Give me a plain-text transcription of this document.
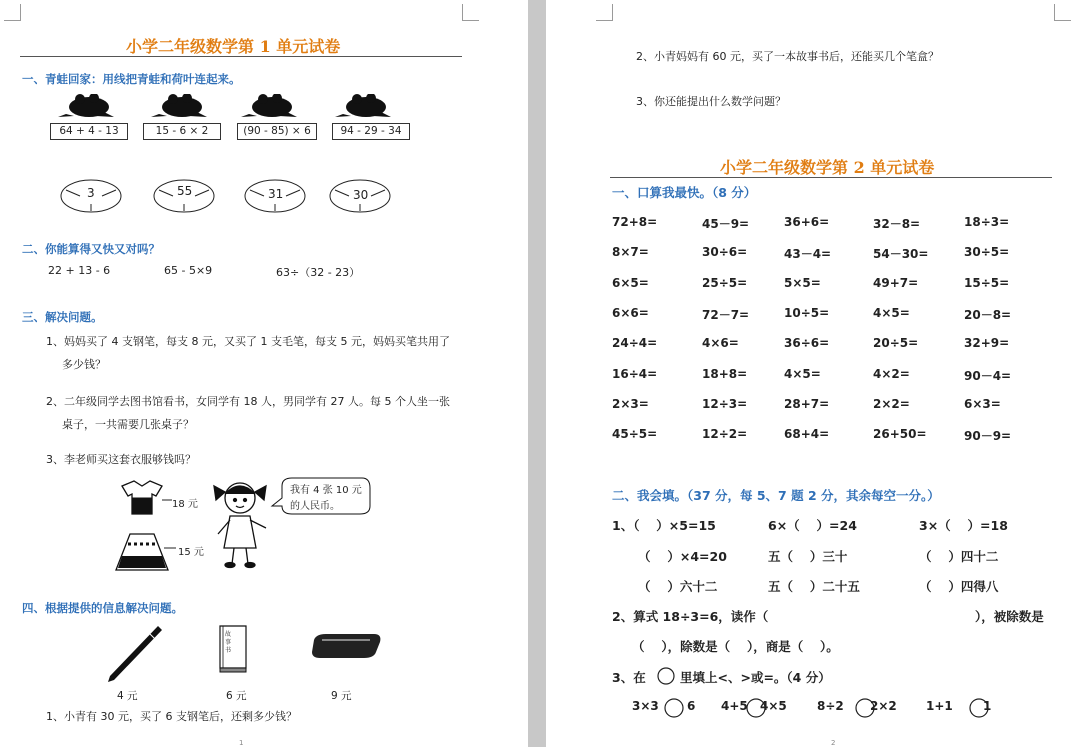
小学二年级数学第 1 单元试卷
一、青蛙回家：用线把青蛙和荷叶连起来。
64 + 4 - 13	15 - 6 × 2	(90 - 85) × 6	94 - 29 - 34
3	55	31	30
二、你能算得又快又对吗？
22 + 13 - 6	65 - 5×9	63÷（32 - 23）
三、解决问题。
1、妈妈买了 4 支钢笔，每支 8 元，又买了 1 支毛笔，每支 5 元，妈妈买笔共用了
多少钱？
2、二年级同学去图书馆看书，女同学有 18 人，男同学有 27 人。每 5 个人坐一张
桌子，一共需要几张桌子？
3、李老师买这套衣服够钱吗？
18 元
15 元
我有 4 张 10 元
的人民币。
四、根据提供的信息解决问题。
故事书
4 元	6 元	9 元
1、小青有 30 元，买了 6 支钢笔后，还剩多少钱？
1
2、小青妈妈有 60 元，买了一本故事书后，还能买几个笔盒？
3、你还能提出什么数学问题？
小学二年级数学第 2 单元试卷
一、口算我最快。（8 分）
72+8=	45－9=	36+6=	32－8=	18÷3=
8×7=	30÷6=	43－4=	54－30=	30÷5=
6×5=	25÷5=	5×5=	49+7=	15÷5=
6×6=	72－7=	10÷5=	4×5=	20－8=
24÷4=	4×6=	36÷6=	20÷5=	32+9=
16÷4=	18+8=	4×5=	4×2=	90－4=
2×3=	12÷3=	28+7=	2×2=	6×3=
45÷5=	12÷2=	68+4=	26+50=	90－9=
二、我会填。（37 分，每 5、7 题 2 分，其余每空一分。）
1、（　 ）×5=15	6×（　 ）=24	3×（　 ）=18
（　 ）×4=20	五（　 ）三十	（　 ）四十二
（　 ）六十二	五（　 ）二十五	（　 ）四得八
2、算式 18÷3=6，读作（	），被除数是
（　 ），除数是（　 ），商是（　 ）。
3、在	里填上<、>或=。（4 分）
3×3 6 4+5 4×5	8÷2 2×2 1+1	1
2
